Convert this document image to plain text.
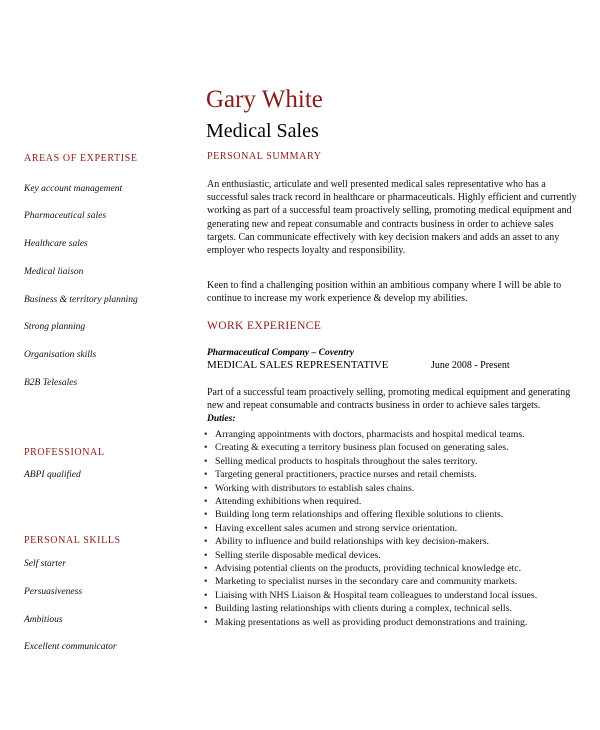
Gary White
Medical Sales
AREAS OF EXPERTISE
Key account management
Pharmaceutical sales
Healthcare sales
Medical liaison
Business & territory planning
Strong planning
Organisation skills
B2B Telesales
PROFESSIONAL
ABPI qualified
PERSONAL SKILLS
Self starter
Persuasiveness
Ambitious
Excellent communicator
PERSONAL SUMMARY
An enthusiastic, articulate and well presented medical sales representative who has a successful sales track record in healthcare or pharmaceuticals. Highly efficient and currently working as part of a successful team proactively selling, promoting medical equipment and generating new and repeat consumable and contracts business in order to achieve sales targets. Can communicate effectively with key decision makers and adds an asset to any employer who respects loyalty and responsibility.
Keen to find a challenging position within an ambitious company where I will be able to continue to increase my work experience & develop my abilities.
WORK EXPERIENCE
Pharmaceutical Company – Coventry
MEDICAL SALES REPRESENTATIVE	June 2008 - Present
Part of a successful team proactively selling, promoting medical equipment and generating new and repeat consumable and contracts business in order to achieve sales targets.
Duties:
• Arranging appointments with doctors, pharmacists and hospital medical teams.
• Creating & executing a territory business plan focused on generating sales.
• Selling medical products to hospitals throughout the sales territory.
• Targeting general practitioners, practice nurses and retail chemists.
• Working with distributors to establish sales chains.
• Attending exhibitions when required.
• Building long term relationships and offering flexible solutions to clients.
• Having excellent sales acumen and strong service orientation.
• Ability to influence and build relationships with key decision-makers.
• Selling sterile disposable medical devices.
• Advising potential clients on the products, providing technical knowledge etc.
• Marketing to specialist nurses in the secondary care and community markets.
• Liaising with NHS Liaison & Hospital team colleagues to understand local issues.
• Building lasting relationships with clients during a complex, technical sells.
• Making presentations as well as providing product demonstrations and training.
